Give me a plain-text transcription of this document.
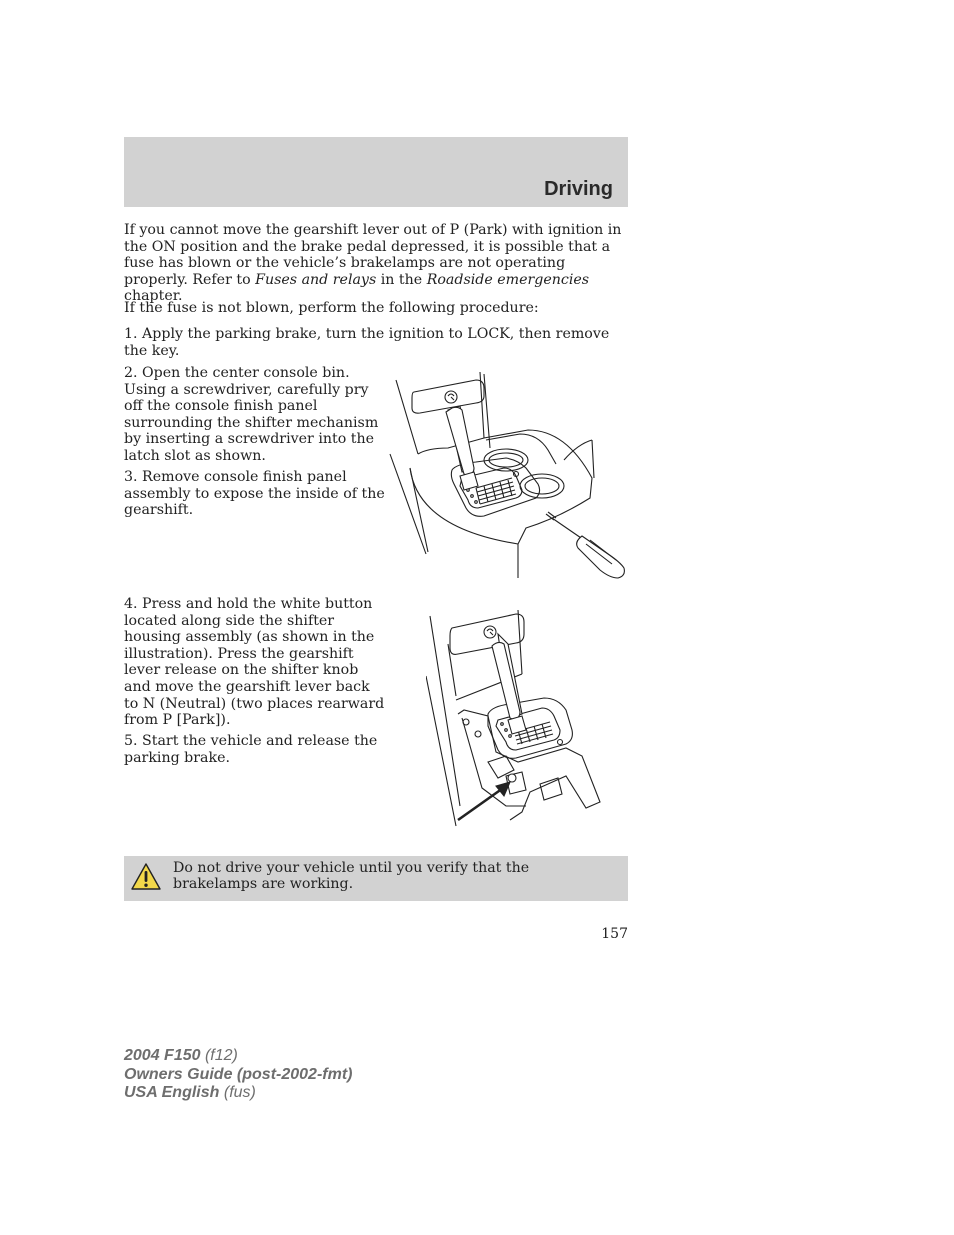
Driving

If you cannot move the gearshift lever out of P (Park) with ignition in the ON position and the brake pedal depressed, it is possible that a fuse has blown or the vehicle’s brakelamps are not operating properly. Refer to Fuses and relays in the Roadside emergencies chapter.

If the fuse is not blown, perform the following procedure:

1. Apply the parking brake, turn the ignition to LOCK, then remove the key.

2. Open the center console bin. Using a screwdriver, carefully pry off the console finish panel surrounding the shifter mechanism by inserting a screwdriver into the latch slot as shown.

3. Remove console finish panel assembly to expose the inside of the gearshift.

4. Press and hold the white button located along side the shifter housing assembly (as shown in the illustration). Press the gearshift lever release on the shifter knob and move the gearshift lever back to N (Neutral) (two places rearward from P [Park]).

5. Start the vehicle and release the parking brake.

Do not drive your vehicle until you verify that the brakelamps are working.
157
2004 F150 (f12)
Owners Guide (post-2002-fmt)
USA English (fus)
